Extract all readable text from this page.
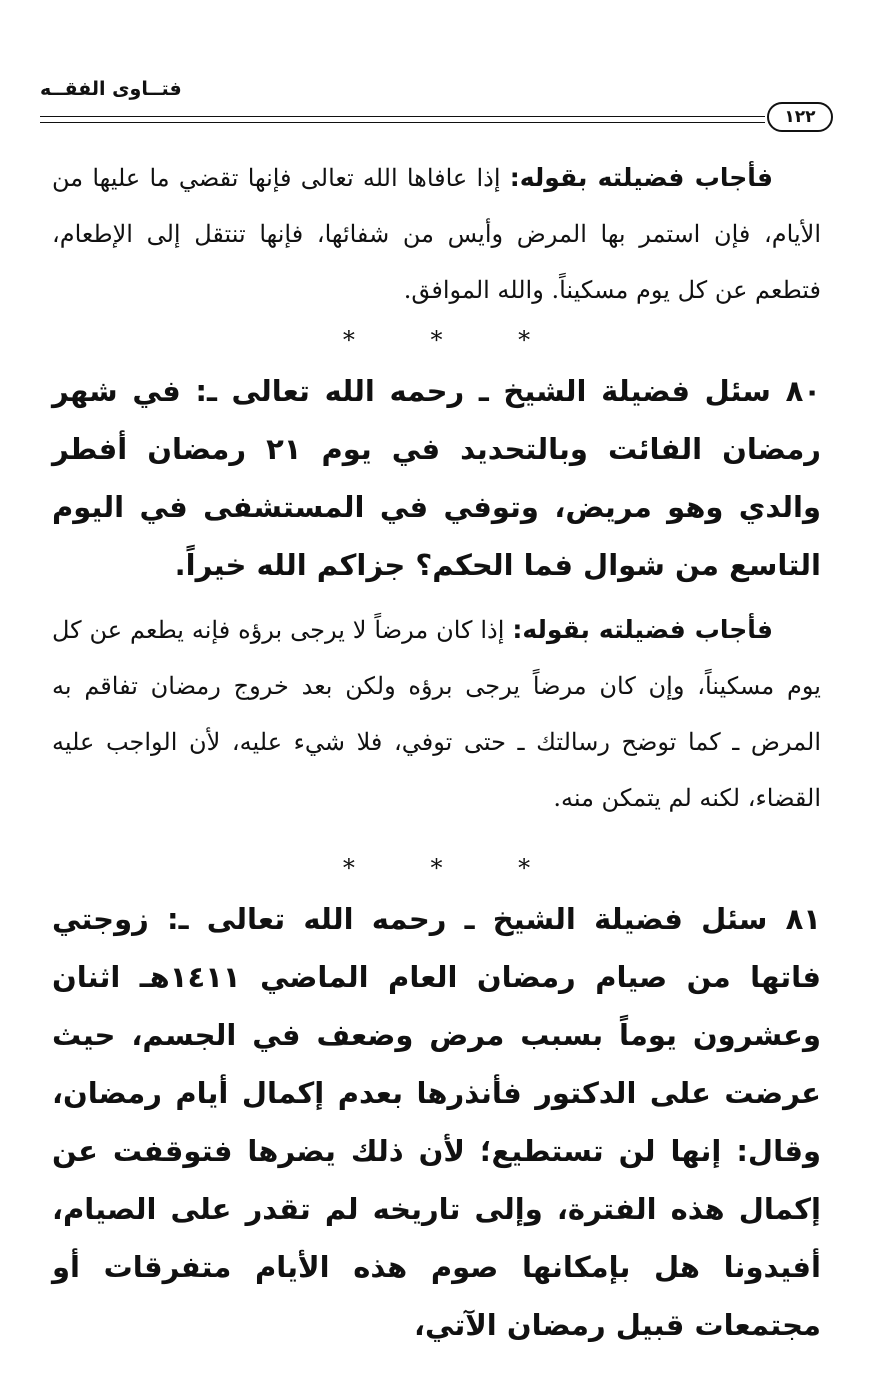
فتــاوى الفقــه
١٢٢

فأجاب فضيلته بقوله: إذا عافاها الله تعالى فإنها تقضي ما عليها من الأيام، فإن استمر بها المرض وأيس من شفائها، فإنها تنتقل إلى الإطعام، فتطعم عن كل يوم مسكيناً. والله الموافق.

* * *

٨٠ سئل فضيلة الشيخ ـ رحمه الله تعالى ـ: في شهر رمضان الفائت وبالتحديد في يوم ٢١ رمضان أفطر والدي وهو مريض، وتوفي في المستشفى في اليوم التاسع من شوال فما الحكم؟ جزاكم الله خيراً.

فأجاب فضيلته بقوله: إذا كان مرضاً لا يرجى برؤه فإنه يطعم عن كل يوم مسكيناً، وإن كان مرضاً يرجى برؤه ولكن بعد خروج رمضان تفاقم به المرض ـ كما توضح رسالتك ـ حتى توفي، فلا شيء عليه، لأن الواجب عليه القضاء، لكنه لم يتمكن منه.

* * *

٨١ سئل فضيلة الشيخ ـ رحمه الله تعالى ـ: زوجتي فاتها من صيام رمضان العام الماضي ١٤١١هـ اثنان وعشرون يوماً بسبب مرض وضعف في الجسم، حيث عرضت على الدكتور فأنذرها بعدم إكمال أيام رمضان، وقال: إنها لن تستطيع؛ لأن ذلك يضرها فتوقفت عن إكمال هذه الفترة، وإلى تاريخه لم تقدر على الصيام، أفيدونا هل بإمكانها صوم هذه الأيام متفرقات أو مجتمعات قبيل رمضان الآتي،
